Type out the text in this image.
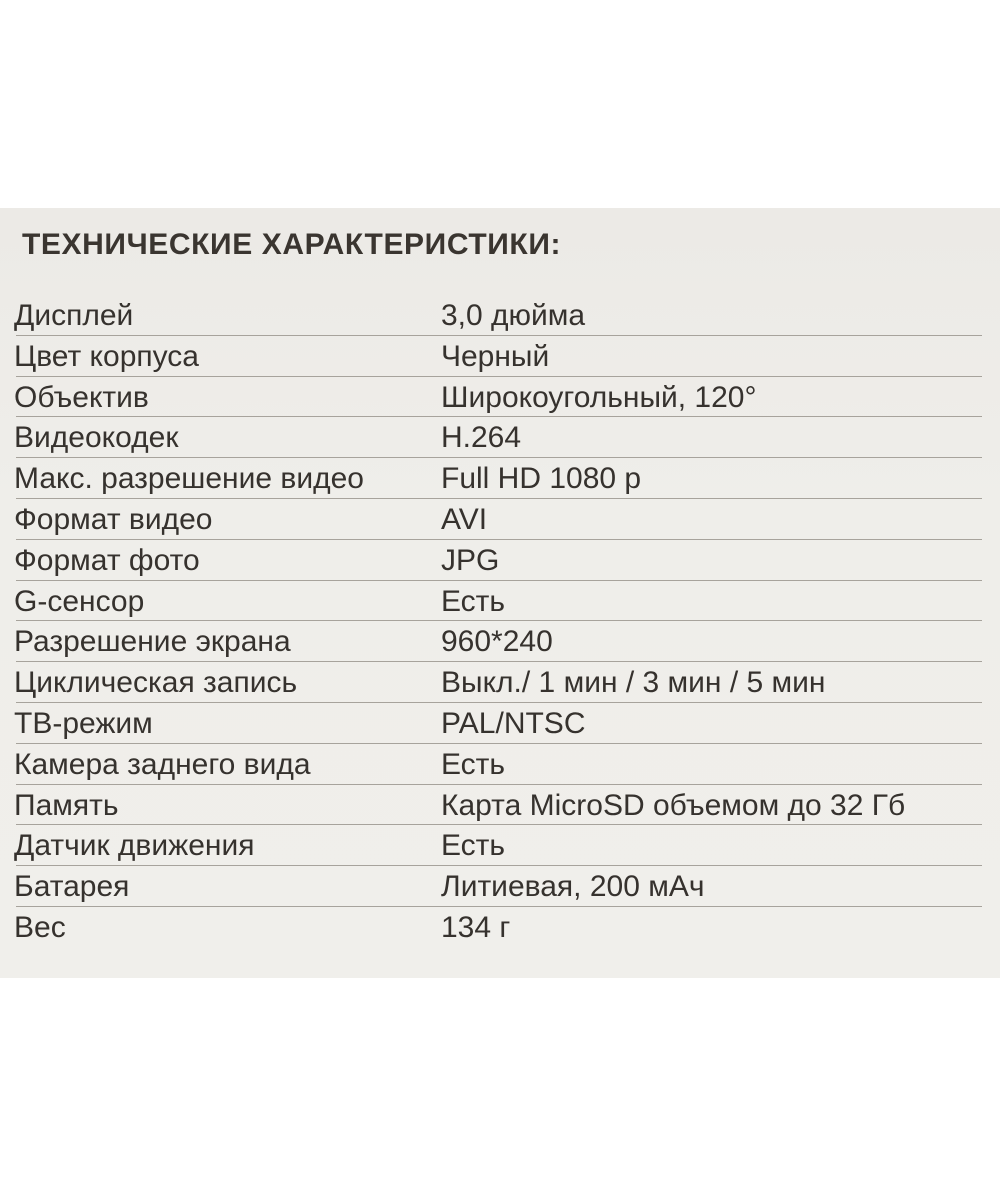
ТЕХНИЧЕСКИЕ ХАРАКТЕРИСТИКИ:
Дисплей	3,0 дюйма
Цвет корпуса	Черный
Объектив	Широкоугольный, 120°
Видеокодек	H.264
Макс. разрешение видео	Full HD 1080 p
Формат видео	AVI
Формат фото	JPG
G-сенсор	Есть
Разрешение экрана	960*240
Циклическая запись	Выкл./ 1 мин / 3 мин / 5 мин
ТВ-режим	PAL/NTSC
Камера заднего вида	Есть
Память	Карта MicroSD объемом до 32 Гб
Датчик движения	Есть
Батарея	Литиевая, 200 мАч
Вес	134 г
